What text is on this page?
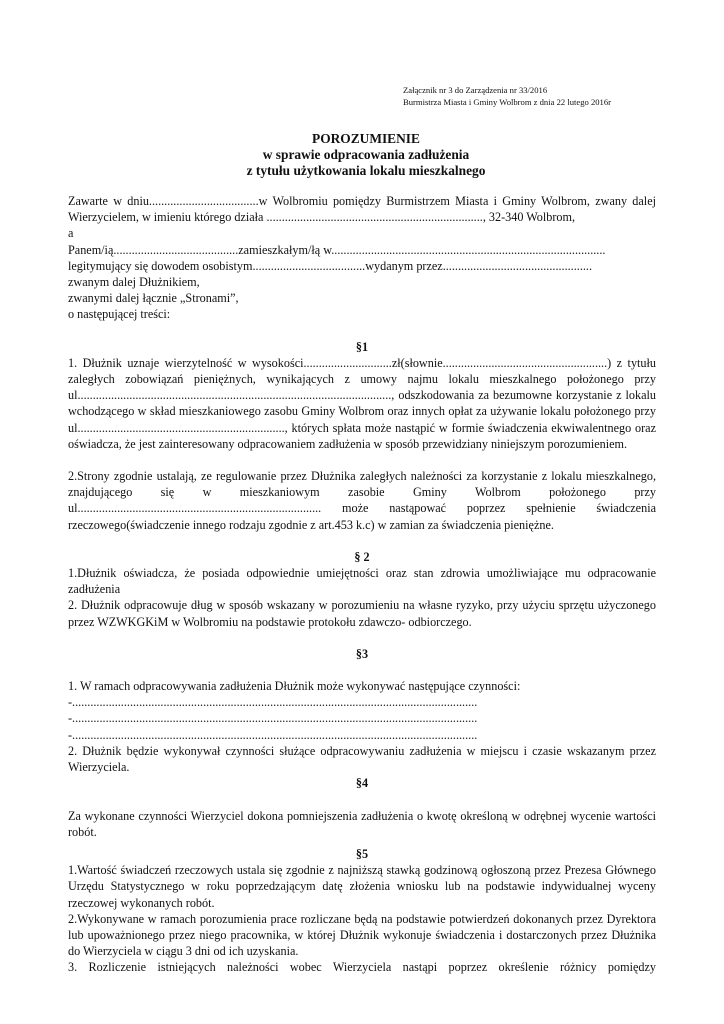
Załącznik nr 3 do Zarządzenia nr 33/2016
Burmistrza Miasta i Gminy Wolbrom z dnia 22 lutego 2016r
POROZUMIENIE
w sprawie odpracowania zadłużenia
z tytułu użytkowania lokalu mieszkalnego

Zawarte w dniu....................................w Wolbromiu pomiędzy Burmistrzem Miasta i Gminy Wolbrom, zwany dalej Wierzycielem, w imieniu którego działa ......................................................................., 32-340 Wolbrom,

a

Panem/ią.........................................zamieszkałym/łą w..........................................................................................

legitymujący się dowodem osobistym.....................................wydanym przez.................................................

zwanym dalej Dłużnikiem,

zwanymi dalej łącznie „Stronami”,

o następującej treści:

§1

1. Dłużnik uznaje wierzytelność w wysokości.............................zł(słownie......................................................) z tytułu zaległych zobowiązań pieniężnych, wynikających z umowy najmu lokalu mieszkalnego położonego przy ul......................................................................................................., odszkodowania za bezumowne korzystanie z lokalu wchodzącego w skład mieszkaniowego zasobu Gminy Wolbrom oraz innych opłat za używanie lokalu położonego przy ul...................................................................., których spłata może nastąpić w formie świadczenia ekwiwalentnego oraz oświadcza, że jest zainteresowany odpracowaniem zadłużenia w sposób przewidziany niniejszym porozumieniem.

2.Strony zgodnie ustalają, ze regulowanie przez Dłużnika zaległych należności za korzystanie z lokalu mieszkalnego, znajdującego się w mieszkaniowym zasobie Gminy Wolbrom położonego przy ul................................................................................ może nastąpować poprzez spełnienie świadczenia rzeczowego(świadczenie innego rodzaju zgodnie z art.453 k.c) w zamian za świadczenia pieniężne.

§ 2

1.Dłużnik oświadcza, że posiada odpowiednie umiejętności oraz stan zdrowia umożliwiające mu odpracowanie zadłużenia

2. Dłużnik odpracowuje dług w sposób wskazany w porozumieniu na własne ryzyko, przy użyciu sprzętu użyczonego przez WZWKGKiM w Wolbromiu na podstawie protokołu zdawczo- odbiorczego.

§3

1. W ramach odpracowywania zadłużenia Dłużnik może wykonywać następujące czynności:

-.....................................................................................................................................

-.....................................................................................................................................

-.....................................................................................................................................

2. Dłużnik będzie wykonywał czynności służące odpracowywaniu zadłużenia w miejscu i czasie wskazanym przez Wierzyciela.

§4

Za wykonane czynności Wierzyciel dokona pomniejszenia zadłużenia o kwotę określoną w odrębnej wycenie wartości robót.

§5

1.Wartość świadczeń rzeczowych ustala się zgodnie z najniższą stawką godzinową ogłoszoną przez Prezesa Głównego Urzędu Statystycznego w roku poprzedzającym datę złożenia wniosku lub na podstawie indywidualnej wyceny rzeczowej wykonanych robót.

2.Wykonywane w ramach porozumienia prace rozliczane będą na podstawie potwierdzeń dokonanych przez Dyrektora lub upoważnionego przez niego pracownika, w której Dłużnik wykonuje świadczenia i dostarczonych przez Dłużnika do Wierzyciela w ciągu 3 dni od ich uzyskania.

3. Rozliczenie istniejących należności wobec Wierzyciela nastąpi poprzez określenie różnicy pomiędzy
